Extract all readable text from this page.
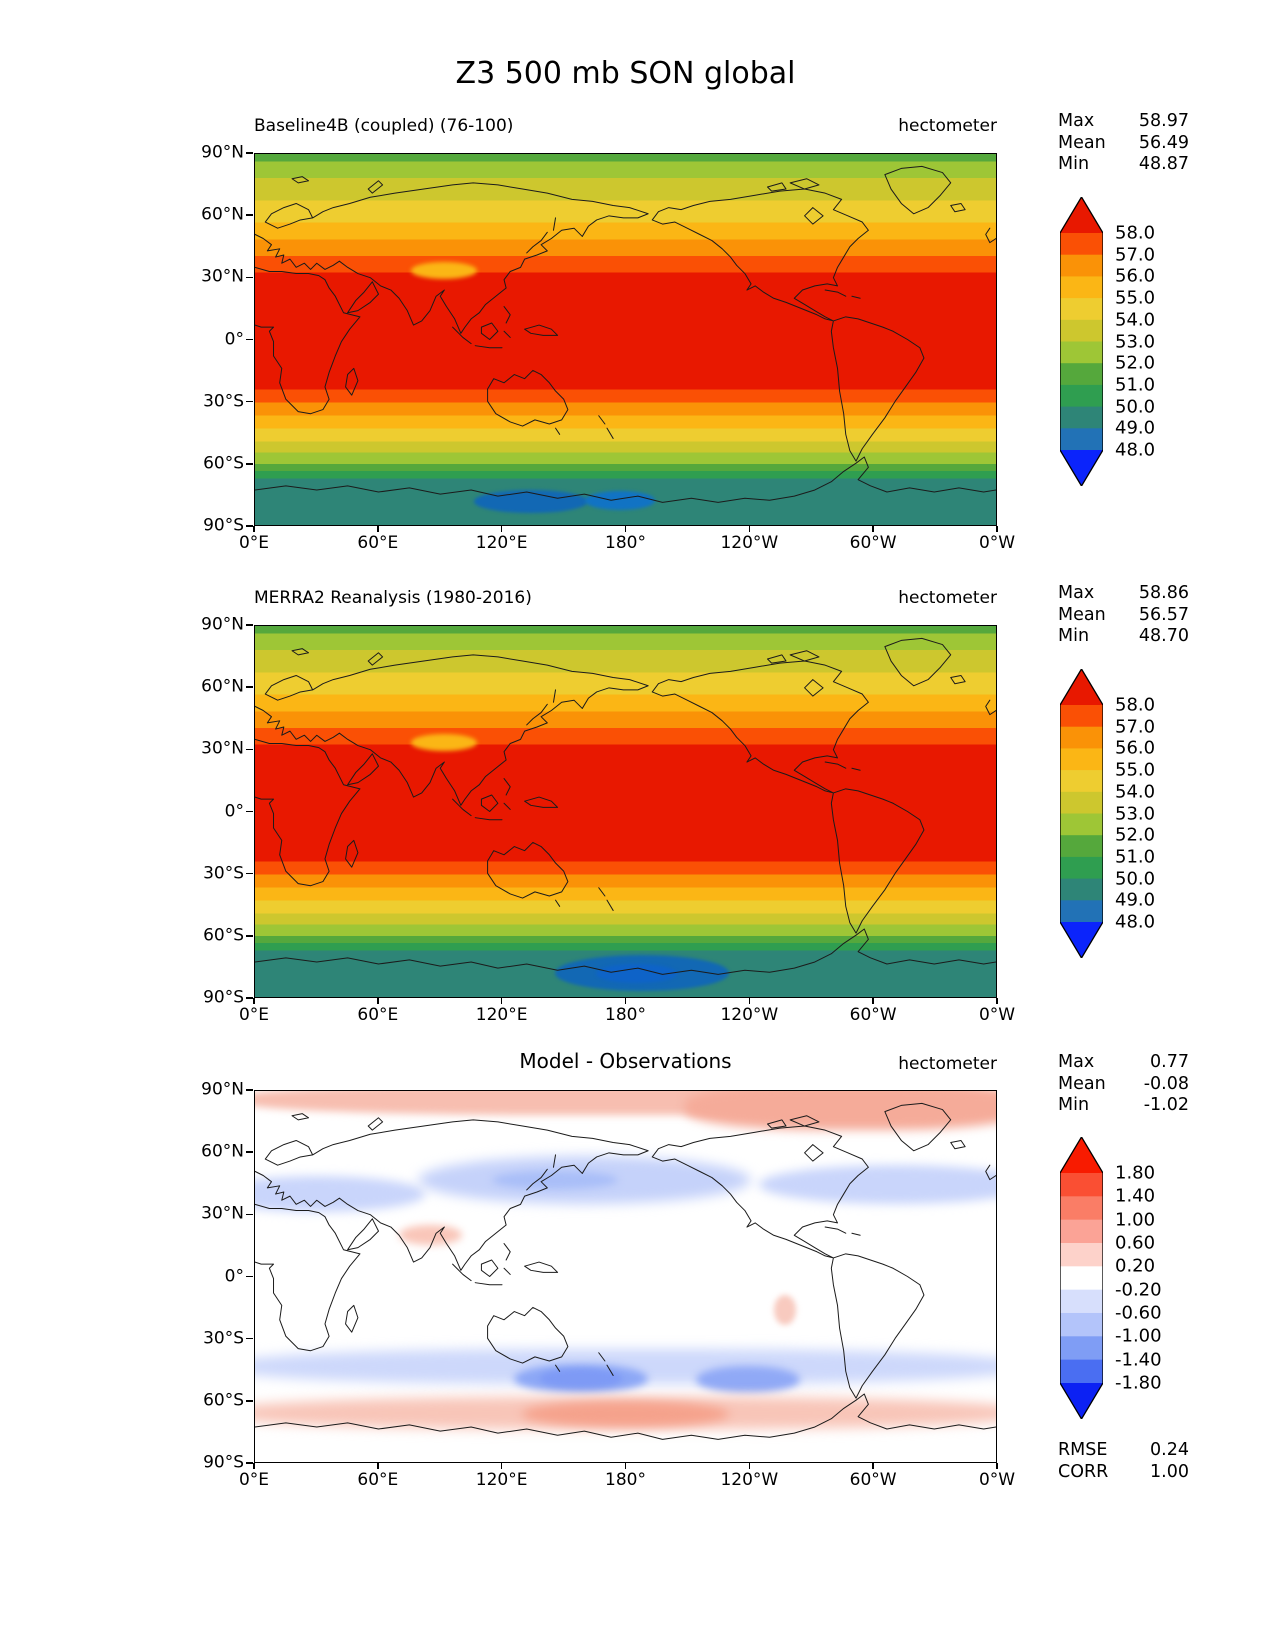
Z3 500 mb SON global
Baseline4B (coupled) (76-100)	hectometer
90°N
60°N
30°N
0°
30°S
60°S
90°S
0°E	60°E	120°E	180°	120°W	60°W	0°W
Max	58.97
Mean 56.49
Min	48.87
58.0
57.0
56.0
55.0
54.0
53.0
52.0
51.0
50.0
49.0
48.0
MERRA2 Reanalysis (1980-2016)	hectometer
90°N
60°N
30°N
0°
30°S
60°S
90°S
0°E	60°E	120°E	180°	120°W	60°W	0°W
Max	58.86
Mean 56.57
Min	48.70
58.0
57.0
56.0
55.0
54.0
53.0
52.0
51.0
50.0
49.0
48.0
Model - Observations	hectometer
90°N
60°N
30°N
0°
30°S
60°S
90°S
0°E	60°E	120°E	180°	120°W	60°W	0°W
Max	0.77
Mean -0.08
Min	-1.02
RMSE 0.24
CORR 1.00
1.80
1.40
1.00
0.60
0.20
-0.20
-0.60
-1.00
-1.40
-1.80
